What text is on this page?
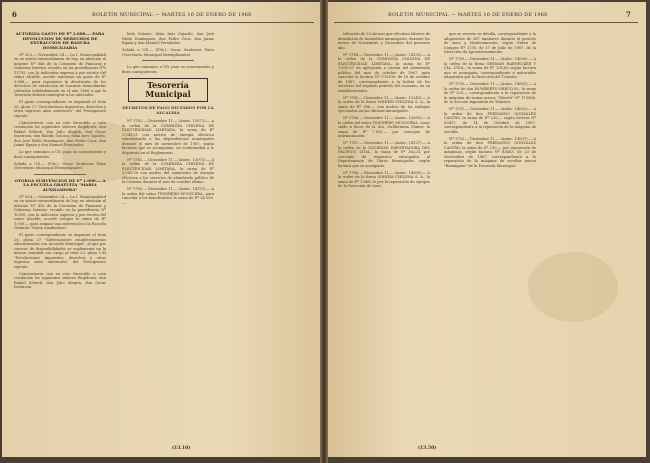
6	BOLETIN MUNICIPAL — MARTES 16 DE ENERO DE 1968

AUTORIZA GASTO DE Eº 2.888.— PARA DEVOLUCION DE DERECHOS DE EXTRACCION DE BASURA DOMICILIARIA

Nº 823.— Noviembre 24.— La I. Municipalidad en su sesión extraordinaria de hoy, en atención al informe Nº 648 de la Comisión de Finanzas y Gobierno Interior, recaído en las providencias Nºs 11755, con la indicativa expresa y por escrito del señor Alcalde, acordó autorizar un gasto de Eº 2.888.— para reponerse la devolución de los derechos de extracción de basuras domiciliarias cobrados indebidamente en el año 1966 a que la Tesorería deberá reintegrar a los afectados.

El gasto correspondiente se imputará al Item 20, glosa 27 "Devoluciones Impuestos, derechos y otros ingresos años anteriores" del Presupuesto vigente.

Concurrieron con su voto favorable a esta resolución los siguientes señores Regidores: don Rafael Sebeck, don Julio Alegría, don Oscar Inostroza, don Rabido Solonci, doña Ines Gajardo, don José Pablo Domínguez, don Pedro Coca, don Jaime Egaña y don Manuel Fernández.

Lo que comunico a UD. para su conocimiento y fines consiguientes.

Saluda a UD.— (Fdo.): Oscar Sanhueza Pinto (Secretario Municipal Reemplazante).

OTORGA SUBVENCION DE Eº 1.000.— A LA ESCUELA GRATUITA "MARIA AUXILIADORA"

Nº 824.— Noviembre 24.— La I. Municipalidad en su sesión extraordinaria de hoy, en atención al informe Nº 455 de la Comisión de Finanzas y Gobierno Interior, recaído en la providencia Nº 10590, con la indicativa expresa y por escrito del señor Alcalde, acordó otorgar la suma de Eº 1.000.— para asignar una subvención a la Escuela Gratuita "María Auxiliadora".

El gasto correspondiente se imputará al Item 26, glosa 27 "Subvenciones establecimientos educacionales con Acuerdo Municipal", al que por carecer de disponibilidades se suplementa en la misma cantidad con cargo al Item 23, glosa 1-d) "Devoluciones Impuestos, derechos y otros ingresos años anteriores" del Presupuesto vigente.

Concurrieron con su voto favorable a esta resolución los siguientes señores Regidores: don Rafael Sebeck, don Julio Alegría, don Oscar Inostroza.

bido Solonci, doña Inés Gajardo, don José Pablo Domínguez, don Pedro Coca, don Jaime Egaña y don Manuel Fernández.

Saluda a UD.— (Fdo.): Oscar Sanhueza Pinto (Secretario Municipal Reemplazante).

Lo que comunico a UD. para su conocimiento y fines consiguientes.

Tesorería Municipal
DECRETOS DE PAGO DICTADOS POR LA ALCALDIA

Nº 1781.— Diciembre 11.— (Antec. 13072).— A la orden de la COMPAÑIA CHILENA DE ELECTRICIDAD LIMITADA, la suma de Eº 1.049,51 con motivo de energía eléctrica suministrada a las dependencias municipales durante el mes de noviembre de 1967, según facturas que se acompañan, en conformidad a lo dispuesto en el Reglamento.

Nº 1782.— Diciembre 11.— (Antec. 13073).— A la orden de la COMPAÑIA CHILENA DE ELECTRICIDAD LIMITADA, la suma de Eº 1.005,50 con motivo del suministro de energía eléctrica a los servicios de alumbrado público de la Comuna durante el mes de octubre último.

Nº 1783.— Diciembre 11.— (Antec. 14153).— A la orden del señor TESORERO MUNICIPAL, para cancelar a los beneficiarios la suma de Eº 24.000.—

(13.10)
BOLETIN MUNICIPAL — MARTES 16 DE ENERO DE 1968	7

tribución de 20 abonos que efectúan labores de demolición de inmuebles municipales, durante los meses de Noviembre y Diciembre del presente año.

Nº 1784.— Diciembre 11.— (Antec. 14130).— A la orden de la COMPAÑIA CHILENA DE ELECTRICIDAD LIMITADA, la suma de Eº 1.830,07 en aplicación a cuenta del alumbrado público del mes de octubre de 1967, para cancelar la factura Nº 570106, de 16 de octubre de 1967, correspondiente a la boleta de los servicios del segundo período del consumo, en su establecimiento.

Nº 1785.— Diciembre 11.— (Antec. 13243).— A la orden de la firma SOHIEM CHILENA S. A., la suma de Eº 396,— con motivo de los trabajos ejecutados en las oficinas municipales.

Nº 1786.— Diciembre 11.— (Antec. 13650).— A la orden del señor TESORERO MUNICIPAL, como saldo a favor de la Sra. Guillermina Gómez, la suma de Eº 7.825.— por concepto de indemnización.

Nº 1787.— Diciembre 11.— (Antec. 14127).— A la orden de la SOCIEDAD IMPORTADORA DEL PACIFICO LTDA., la suma de Eº 362,21 por concepto de repuestos entregados al Departamento de Obras Municipales, según factura que se acompaña.

Nº 1788.— Diciembre 11.— (Antec. 14005).— A la orden de la firma SOHIEM CHILENA S. A., la suma de Eº 1.868,20 por la reparación de equipos de la Dirección de Aseo.

que se reverse se detalla, correspondiente a la adquisición de 287 tambores durante el período de Aseo y Mantenimiento, según Orden de Compra Nº 3735, de 17 de Julio de 1967, de la Dirección de Aprovisionamiento.

Nº 1789.— Diciembre 11.— (Antec. 14000).— A la orden de la firma GERMAN HARNECKER Y CIA. LTDA., la suma de Eº 130,80 según factura que se acompaña, correspondiente a materiales adquiridos por la Dirección del Tránsito.

Nº 1790.— Diciembre 11.— (Antec. 14001).— A la orden de don HUMBERTO GRECO M., la suma de Eº 320,— correspondiente a la reparación de la máquina de sumar marca "Olivetti" Nº 173586, de la Sección Ingeniería de Tránsito.

Nº 1791.— Diciembre 11.— (Antec. 14002).— A la orden de don FERNANDO GONZALEZ CASTRO, la suma de Eº 230,— según factura Nº 83457, de 14 de Octubre de 1967, correspondiente a la reparación de la máquina de escribir.

Nº 1792.— Diciembre 11.— (Antec. 14007).— A la orden de don FERNANDO GONZALEZ CASTRO, la suma de Eº 210,— por reparación de máquinas, según factura Nº 83463, de 23 de Noviembre de 1967, correspondiente a la reparación de la máquina de escribir marca "Remington" de la Tesorería Municipal.

(13.50)
